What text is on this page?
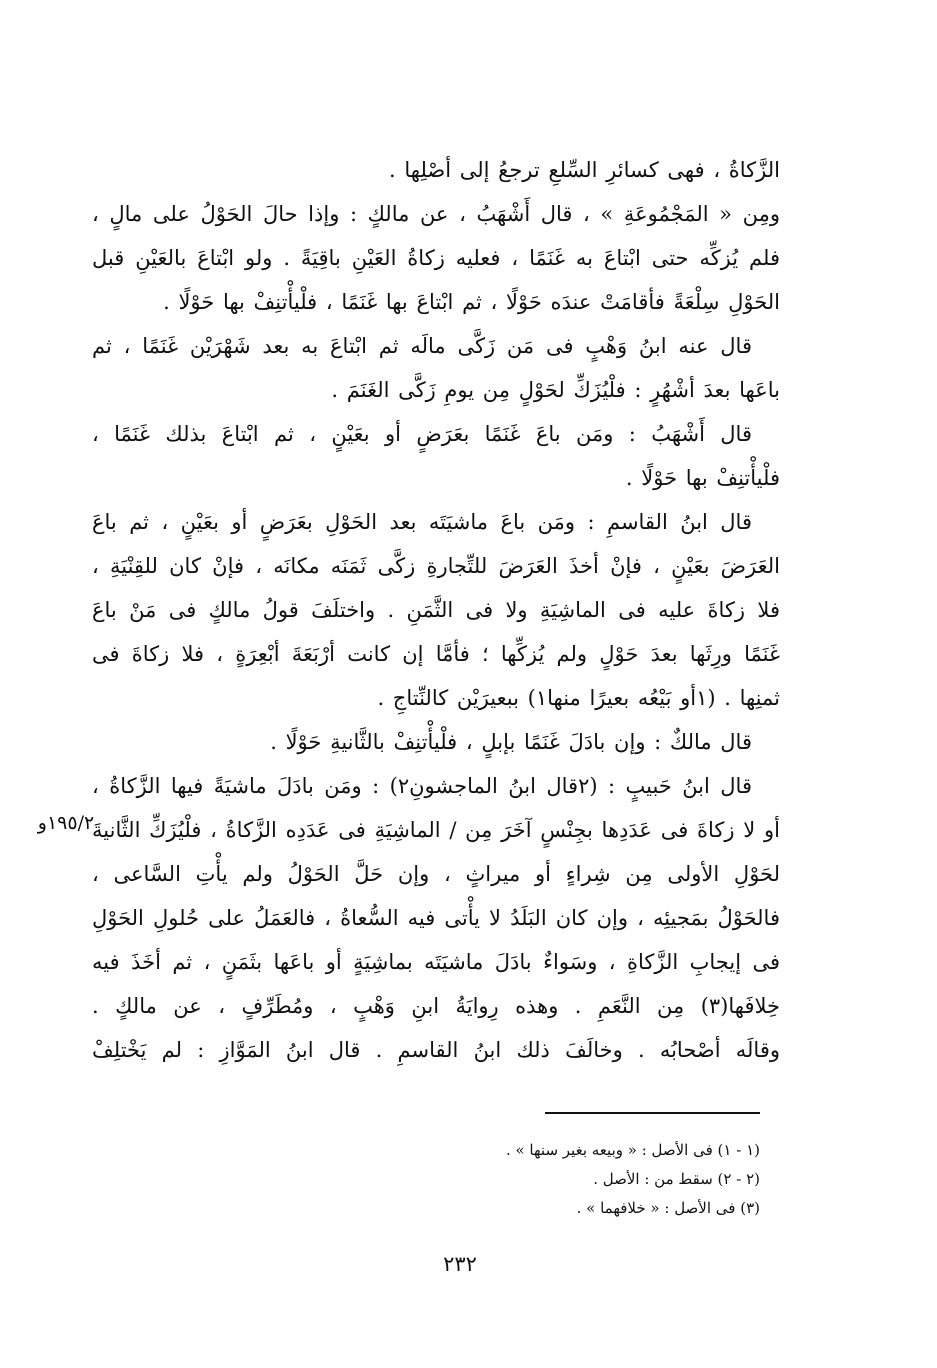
الزَّكاةُ ، فهى كسائرِ السِّلعِ ترجعُ إلى أصْلِها .
ومِن « المَجْمُوعَةِ » ، قال أَشْهَبُ ، عن مالكٍ : وإذا حالَ الحَوْلُ على مالٍ ،
فلم يُزكِّه حتى ابْتاعَ به غَنَمًا ، فعليه زكاةُ العَيْنِ باقِيَةً . ولو ابْتاعَ بالعَيْنِ قبل
الحَوْلِ سِلْعَةً فأقامَتْ عندَه حَوْلًا ، ثم ابْتاعَ بها غَنَمًا ، فلْيأْتنِفْ بها حَوْلًا .
قال عنه ابنُ وَهْبٍ فى مَن زَكَّى مالَه ثم ابْتاعَ به بعد شَهْرَيْن غَنَمًا ، ثم
باعَها بعدَ أشْهُرٍ : فلْيُزَكِّ لحَوْلٍ مِن يومِ زَكَّى الغَنَمَ .
قال أَشْهَبُ : ومَن باعَ غَنَمًا بعَرَضٍ أو بعَيْنٍ ، ثم ابْتاعَ بذلك غَنَمًا ،
فلْيأْتنِفْ بها حَوْلًا .
قال ابنُ القاسمِ : ومَن باعَ ماشيَتَه بعد الحَوْلِ بعَرَضٍ أو بعَيْنٍ ، ثم باعَ
العَرَضَ بعَيْنٍ ، فإنْ أخذَ العَرَضَ للتِّجارةِ زكَّى ثَمَنَه مكانَه ، فإنْ كان للقِنْيَةِ ،
فلا زكاةَ عليه فى الماشِيَةِ ولا فى الثَّمَنِ . واختلَفَ قولُ مالكٍ فى مَنْ باعَ
غَنَمًا ورِثَها بعدَ حَوْلٍ ولم يُزكِّها ؛ فأمَّا إن كانت أرْبَعَةَ أبْعِرَةٍ ، فلا زكاةَ فى
ثمنِها . (١أو بَيْعُه بعيرًا منها١) ببعيرَيْن كالنِّتاجِ .
قال مالكٌ : وإن بادَلَ غَنَمًا بإبلٍ ، فلْيأْتنِفْ بالثَّانيةِ حَوْلًا .
قال ابنُ حَبيبٍ : (٢قال ابنُ الماجشونِ٢) : ومَن بادَلَ ماشيَةً فيها الزَّكاةُ ،
أو لا زكاةَ فى عَدَدِها بجِنْسٍ آخَرَ مِن / الماشِيَةِ فى عَدَدِه الزَّكاةُ ، فلْيُزَكِّ الثَّانيةَ
لحَوْلِ الأولى مِن شِراءٍ أو ميراثٍ ، وإن حَلَّ الحَوْلُ ولم يأْتِ السَّاعى ،
فالحَوْلُ بمَجيئِه ، وإن كان البَلَدُ لا يأْتى فيه السُّعاةُ ، فالعَمَلُ على حُلولِ الحَوْلِ
فى إيجابِ الزَّكاةِ ، وسَواءٌ بادَلَ ماشيَتَه بماشِيَةٍ أو باعَها بثَمَنٍ ، ثم أخَذَ فيه
خِلافَها(٣) مِن النَّعَمِ . وهذه رِوايَةُ ابنِ وَهْبٍ ، ومُطَرِّفٍ ، عن مالكٍ .
وقالَه أصْحابُه . وخالَفَ ذلك ابنُ القاسمِ . قال ابنُ المَوَّازِ : لم يَخْتلِفْ
١٩٥/٢و
(١ - ١) فى الأصل : « وبيعه بغير سنها » .
(٢ - ٢) سقط من : الأصل .
(٣) فى الأصل : « خلافهما » .
٢٣٢
